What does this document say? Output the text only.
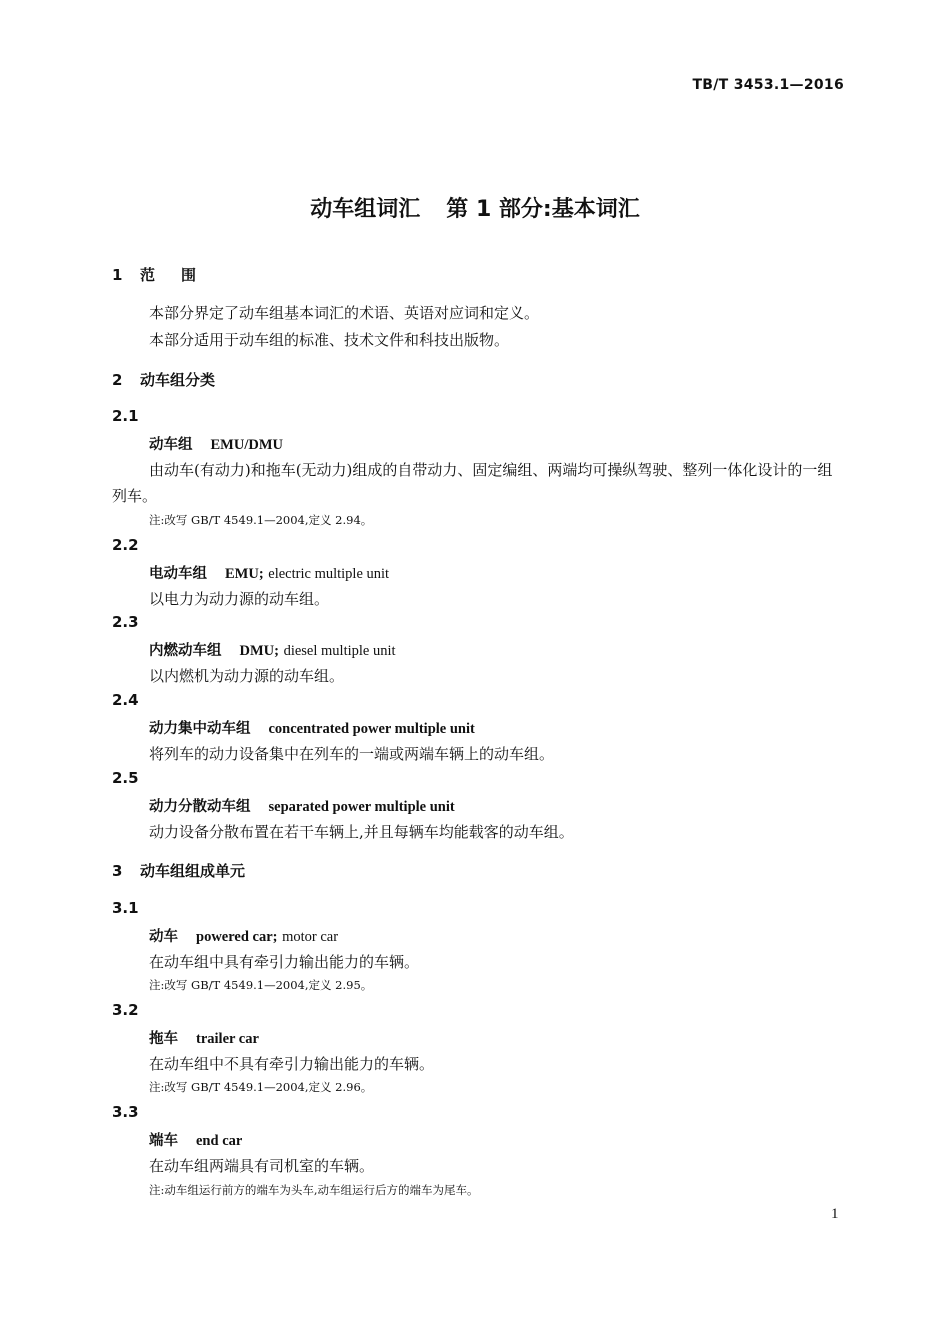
TB/T 3453.1—2016
动车组词汇 第 1 部分:基本词汇
1 范围
本部分界定了动车组基本词汇的术语、英语对应词和定义。
本部分适用于动车组的标准、技术文件和科技出版物。
2 动车组分类
2.1
动车组 EMU/DMU
由动车(有动力)和拖车(无动力)组成的自带动力、固定编组、两端均可操纵驾驶、整列一体化设计的一组列车。
注:改写 GB/T 4549.1—2004,定义 2.94。
2.2
电动车组 EMU; electric multiple unit
以电力为动力源的动车组。
2.3
内燃动车组 DMU; diesel multiple unit
以内燃机为动力源的动车组。
2.4
动力集中动车组 concentrated power multiple unit
将列车的动力设备集中在列车的一端或两端车辆上的动车组。
2.5
动力分散动车组 separated power multiple unit
动力设备分散布置在若干车辆上,并且每辆车均能载客的动车组。
3 动车组组成单元
3.1
动车 powered car; motor car
在动车组中具有牵引力输出能力的车辆。
注:改写 GB/T 4549.1—2004,定义 2.95。
3.2
拖车 trailer car
在动车组中不具有牵引力输出能力的车辆。
注:改写 GB/T 4549.1—2004,定义 2.96。
3.3
端车 end car
在动车组两端具有司机室的车辆。
注:动车组运行前方的端车为头车,动车组运行后方的端车为尾车。
1
